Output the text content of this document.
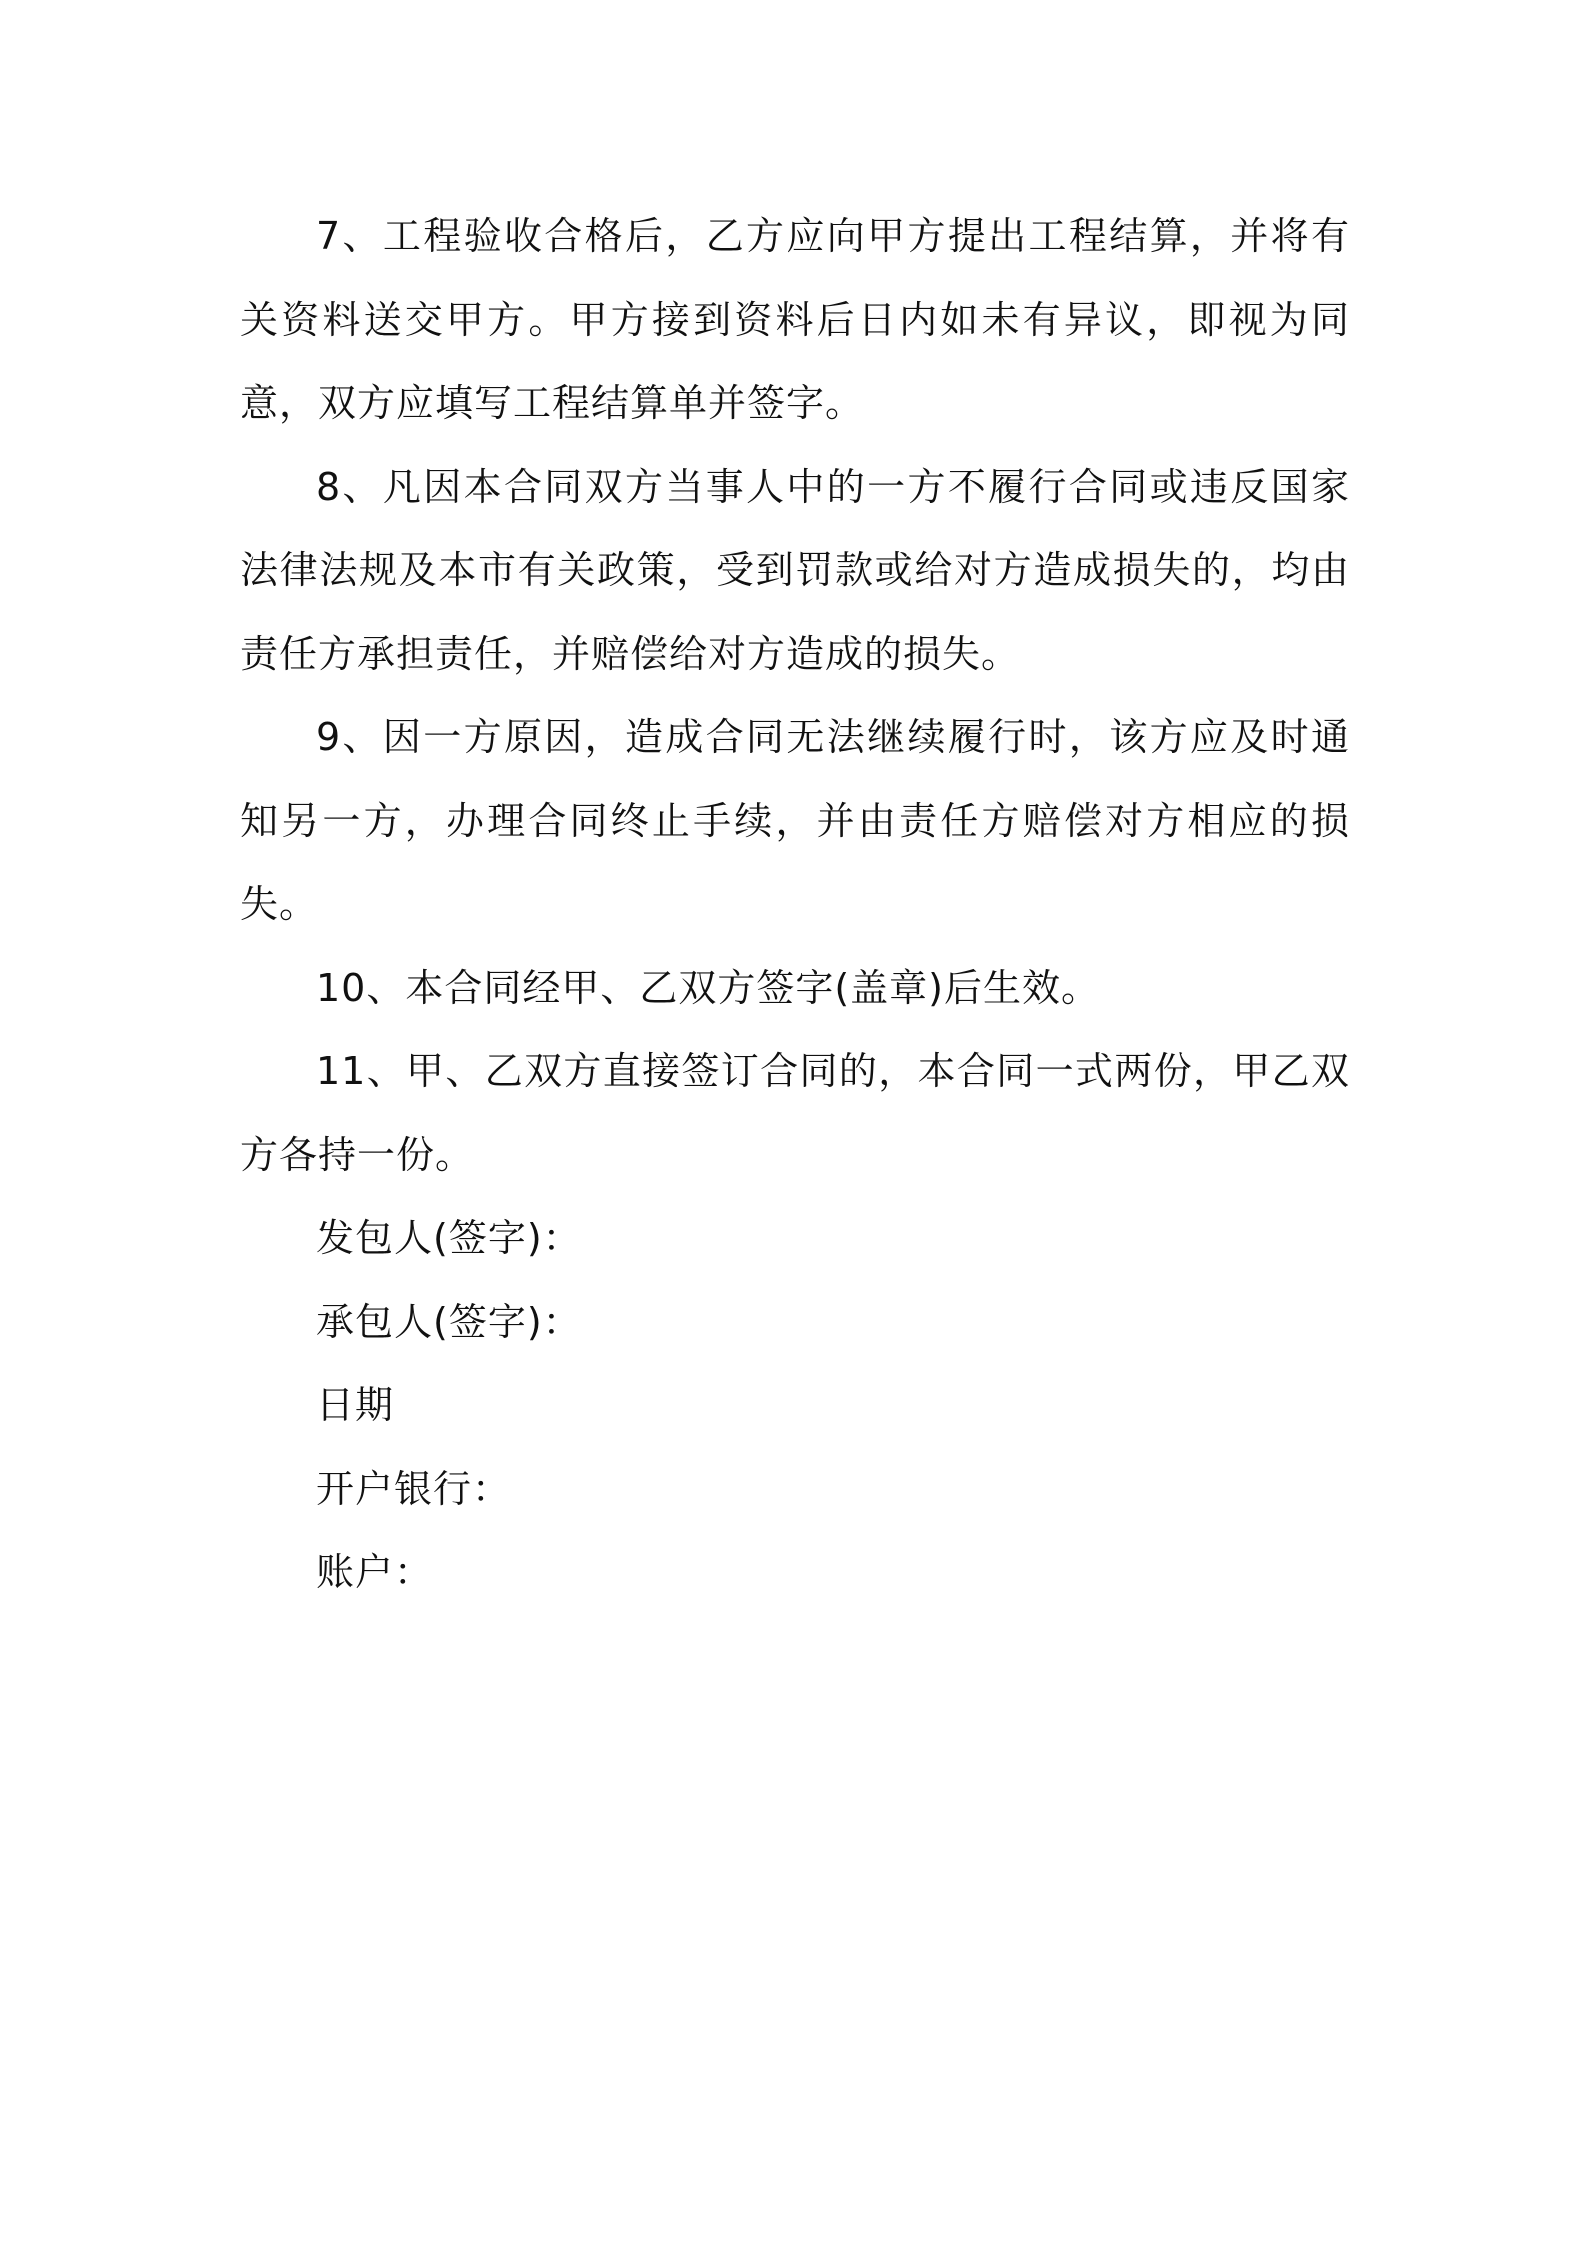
7、工程验收合格后，乙方应向甲方提出工程结算，并将有关资料送交甲方。甲方接到资料后日内如未有异议，即视为同意，双方应填写工程结算单并签字。

8、凡因本合同双方当事人中的一方不履行合同或违反国家法律法规及本市有关政策，受到罚款或给对方造成损失的，均由责任方承担责任，并赔偿给对方造成的损失。

9、因一方原因，造成合同无法继续履行时，该方应及时通知另一方，办理合同终止手续，并由责任方赔偿对方相应的损失。

10、本合同经甲、乙双方签字(盖章)后生效。

11、甲、乙双方直接签订合同的，本合同一式两份，甲乙双方各持一份。

发包人(签字)：

承包人(签字)：

日期

开户银行：

账户：
